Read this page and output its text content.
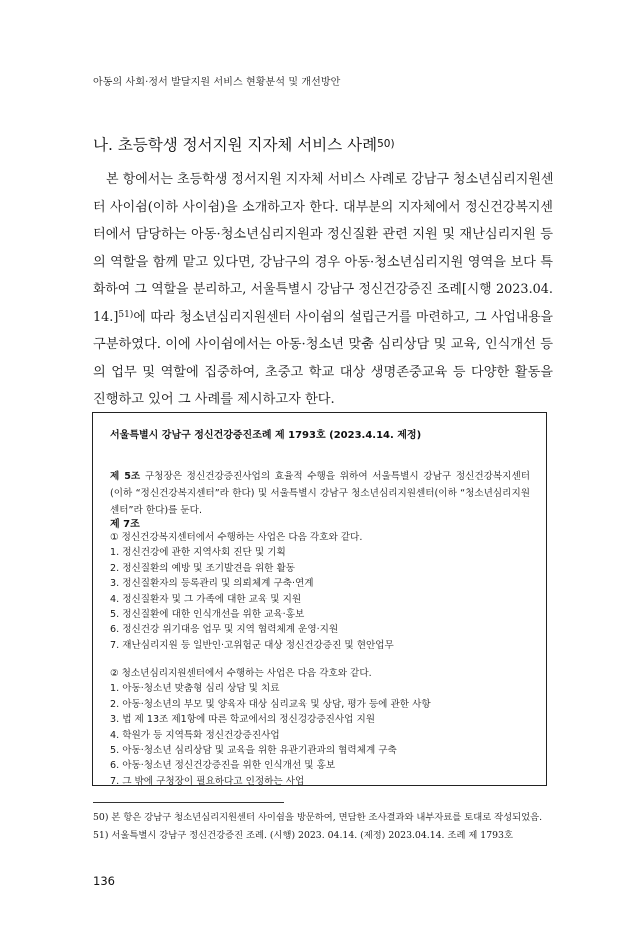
아동의 사회·정서 발달지원 서비스 현황분석 및 개선방안
나. 초등학생 정서지원 지자체 서비스 사례50)
본 항에서는 초등학생 정서지원 지자체 서비스 사례로 강남구 청소년심리지원센
터 사이쉼(이하 사이쉼)을 소개하고자 한다. 대부분의 지자체에서 정신건강복지센
터에서 담당하는 아동·청소년심리지원과 정신질환 관련 지원 및 재난심리지원 등
의 역할을 함께 맡고 있다면, 강남구의 경우 아동·청소년심리지원 영역을 보다 특
화하여 그 역할을 분리하고, 서울특별시 강남구 정신건강증진 조례[시행 2023.04.
14.]$^{51)}$에 따라 청소년심리지원센터 사이쉼의 설립근거를 마련하고, 그 사업내용을
구분하였다. 이에 사이쉼에서는 아동·청소년 맞춤 심리상담 및 교육, 인식개선 등
의 업무 및 역할에 집중하여, 초중고 학교 대상 생명존중교육 등 다양한 활동을
진행하고 있어 그 사례를 제시하고자 한다.
서울특별시 강남구 정신건강증진조례 제 1793호 (2023.4.14. 제정)
제 5조 구청장은 정신건강증진사업의 효율적 수행을 위하여 서울특별시 강남구 정신건강복지센터
(이하 “정신건강복지센터”라 한다) 및 서울특별시 강남구 청소년심리지원센터(이하 “청소년심리지원
센터”라 한다)를 둔다.
제 7조
① 정신건강복지센터에서 수행하는 사업은 다음 각호와 같다.
1. 정신건강에 관한 지역사회 진단 및 기획
2. 정신질환의 예방 및 조기발견을 위한 활동
3. 정신질환자의 등록관리 및 의뢰체계 구축·연계
4. 정신질환자 및 그 가족에 대한 교육 및 지원
5. 정신질환에 대한 인식개선을 위한 교육·홍보
6. 정신건강 위기대응 업무 및 지역 협력체계 운영·지원
7. 재난심리지원 등 일반인·고위험군 대상 정신건강증진 및 현안업무
② 청소년심리지원센터에서 수행하는 사업은 다음 각호와 같다.
1. 아동·청소년 맞춤형 심리 상담 및 치료
2. 아동·청소년의 부모 및 양육자 대상 심리교육 및 상담, 평가 등에 관한 사항
3. 법 제 13조 제1항에 따른 학교에서의 정신겅강증진사업 지원
4. 학원가 등 지역특화 정신건강증진사업
5. 아동·청소년 심리상담 및 교육을 위한 유관기관과의 협력체계 구축
6. 아동·청소년 정신건강증진을 위한 인식개선 및 홍보
7. 그 밖에 구청장이 필요하다고 인정하는 사업
50) 본 항은 강남구 청소년심리지원센터 사이쉼을 방문하여, 면담한 조사결과와 내부자료를 토대로 작성되었음.
51) 서울특별시 강남구 정신건강증진 조례. (시행) 2023. 04.14. (제정) 2023.04.14. 조례 제 1793호
136
